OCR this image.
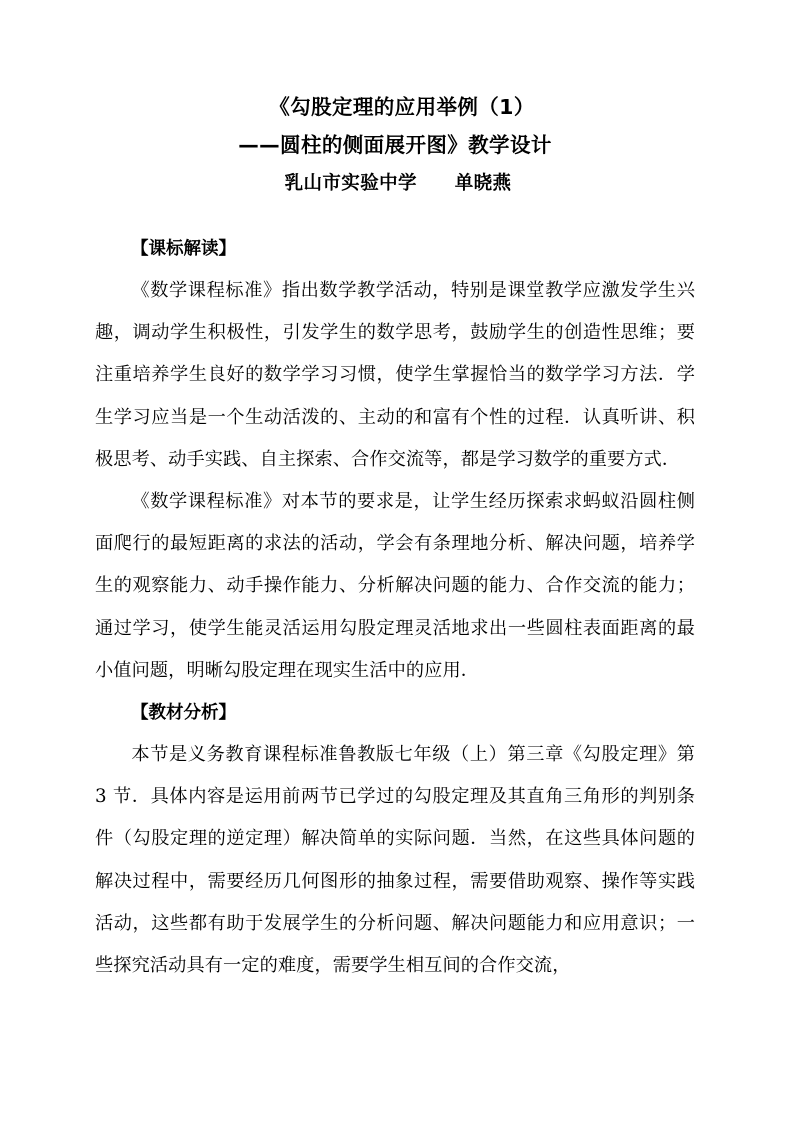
《勾股定理的应用举例（1）
——圆柱的侧面展开图》教学设计
乳山市实验中学　　单晓燕
【课标解读】

《数学课程标准》指出数学教学活动，特别是课堂教学应激发学生兴趣，调动学生积极性，引发学生的数学思考，鼓励学生的创造性思维；要注重培养学生良好的数学学习习惯，使学生掌握恰当的数学学习方法．学生学习应当是一个生动活泼的、主动的和富有个性的过程．认真听讲、积极思考、动手实践、自主探索、合作交流等，都是学习数学的重要方式．

《数学课程标准》对本节的要求是，让学生经历探索求蚂蚁沿圆柱侧面爬行的最短距离的求法的活动，学会有条理地分析、解决问题，培养学生的观察能力、动手操作能力、分析解决问题的能力、合作交流的能力；通过学习，使学生能灵活运用勾股定理灵活地求出一些圆柱表面距离的最小值问题，明晰勾股定理在现实生活中的应用．

【教材分析】

本节是义务教育课程标准鲁教版七年级（上）第三章《勾股定理》第 3 节．具体内容是运用前两节已学过的勾股定理及其直角三角形的判别条件（勾股定理的逆定理）解决简单的实际问题．当然，在这些具体问题的解决过程中，需要经历几何图形的抽象过程，需要借助观察、操作等实践活动，这些都有助于发展学生的分析问题、解决问题能力和应用意识；一些探究活动具有一定的难度，需要学生相互间的合作交流，
